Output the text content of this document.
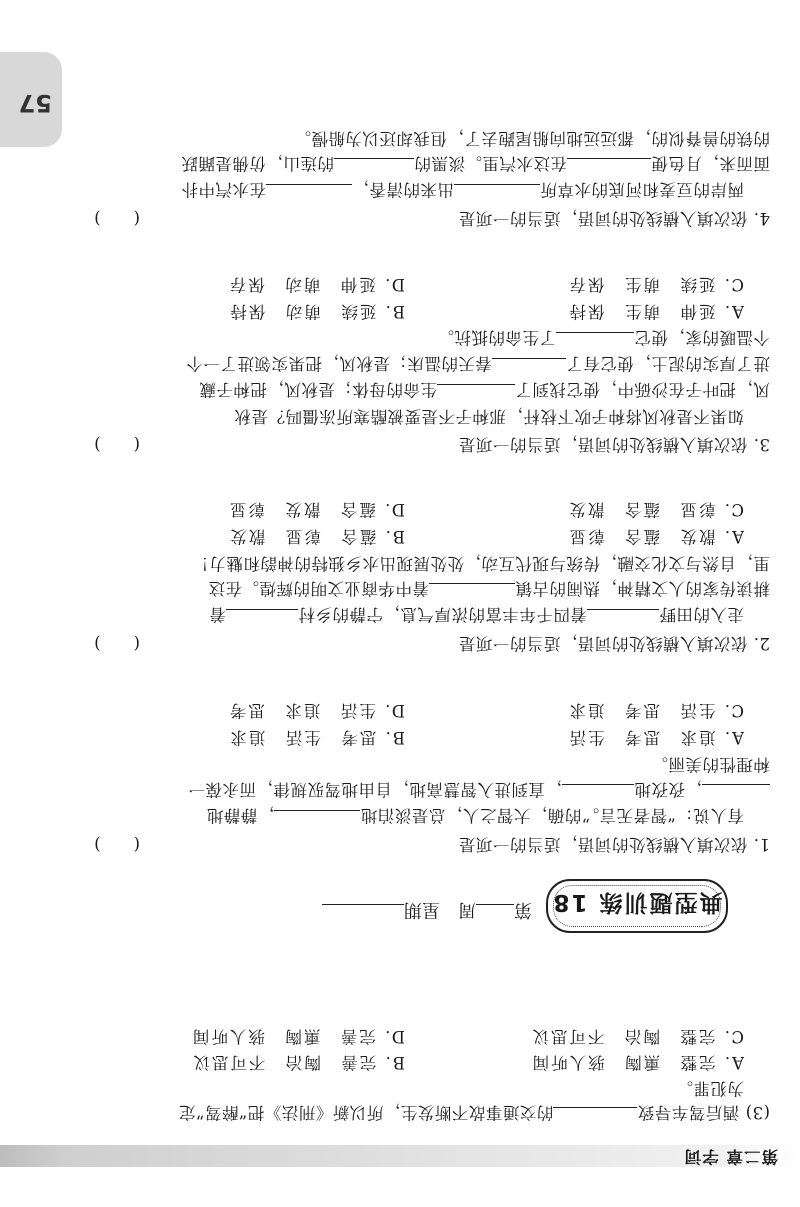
第二章 字词
(3) 酒后驾车导致的交通事故不断发生，所以新《刑法》把“醉驾”定
为犯罪。
A. 完整　熏陶　骇人听闻
B. 完善　陶冶　不可思议
C. 完整　陶冶　不可思议
D. 完善　熏陶　骇人听闻
典型题训练 18
第周　星期
1. 依次填入横线处的词语，适当的一项是
(　　)
有人说：“智者无言。”的确，大智之人，总是淡泊地，静静地
，孜孜地，直到进入智慧高地，自由地驾驭规律，而永葆一
种理性的美丽。
A. 追求　思考　生活
B. 思考　生活　追求
C. 生活　思考　追求
D. 生活　追求　思考
2. 依次填入横线处的词语，适当的一项是
(　　)
走入的田野着四千年丰富的浓厚气息，宁静的乡村着
耕读传家的人文精神，热闹的古镇着中华商业文明的辉煌。在这
里，自然与文化交融，传统与现代互动，处处展现出水乡独特的神韵和魅力！
A. 散发　蕴含　彰显
B. 蕴含　彰显　散发
C. 彰显　蕴含　散发
D. 蕴含　散发　彰显
3. 依次填入横线处的词语，适当的一项是
(　　)
如果不是秋风将种子吹下枝杆，那种子不是要被酷寒所冻僵吗？是秋
风，把叶子在沙砾中，使它找到了生命的母体；是秋风，把种子藏
进了厚实的泥土，使它有了春天的温床；是秋风，把果实领进了一个
个温暖的家，使它了生命的抵抗。
A. 延伸　萌生　保持
B. 延续　萌动　保持
C. 延续　萌生　保存
D. 延伸　萌动　保存
4. 依次填入横线处的词语，适当的一项是
(　　)
两岸的豆麦和河底的水草所出来的清香，在水汽中扑
面而来，月色便在这水汽里。淡黑的的连山，仿佛是踊跃
的铁的兽脊似的，都远远地向船尾跑去了，但我却还以为船慢。
57
